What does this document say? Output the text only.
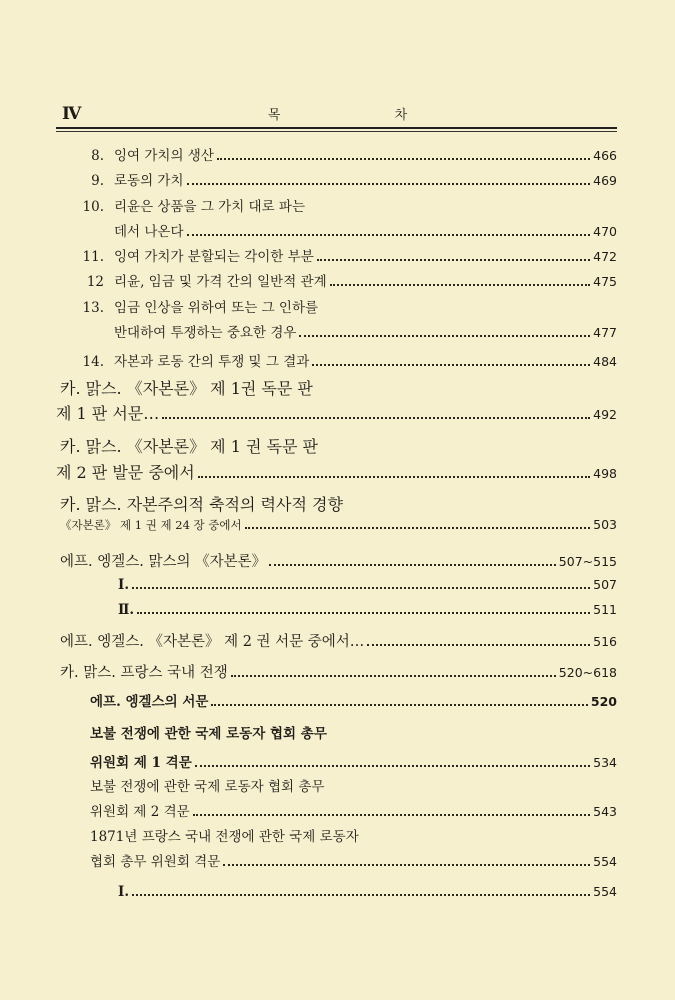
Ⅳ	목 차
8. 잉여 가치의 생산	466
9. 로동의 가치	469
10. 리윤은 상품을 그 가치 대로 파는
데서 나온다	470
11. 잉여 가치가 분할되는 각이한 부분	472
12 리윤, 임금 및 가격 간의 일반적 관계	475
13. 임금 인상을 위하여 또는 그 인하를
반대하여 투쟁하는 중요한 경우	477
14. 자본과 로동 간의 투쟁 및 그 결과	484
카. 맑스. 《자본론》 제 1권 독문 판
제 1 판 서문…	492
카. 맑스. 《자본론》 제 1 권 독문 판
제 2 판 발문 중에서	498
카. 맑스. 자본주의적 축적의 력사적 경향
《자본론》 제 1 권 제 24 장 중에서	503
에프. 엥겔스. 맑스의 《자본론》	507~515
Ⅰ.	507
Ⅱ.	511
에프. 엥겔스. 《자본론》 제 2 권 서문 중에서…	516
카. 맑스. 프랑스 국내 전쟁	520~618
에프. 엥겔스의 서문	520
보불 전쟁에 관한 국제 로동자 협회 총무
위원회 제 1 격문	534
보불 전쟁에 관한 국제 로동자 협회 총무
위원회 제 2 격문	543
1871년 프랑스 국내 전쟁에 관한 국제 로동자
협회 총무 위원회 격문	554
Ⅰ.	554
